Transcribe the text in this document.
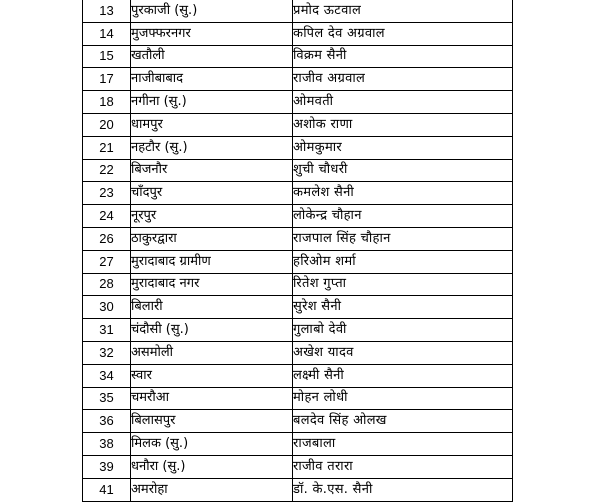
13	पुरकाजी (सु.)	प्रमोद ऊटवाल
14	मुजफ्फरनगर	कपिल देव अग्रवाल
15	खतौली	विक्रम सैनी
17	नाजीबाबाद	राजीव अग्रवाल
18	नगीना (सु.)	ओमवती
20	धामपुर	अशोक राणा
21	नहटौर (सु.)	ओमकुमार
22	बिजनौर	शुची चौधरी
23	चाँदपुर	कमलेश सैनी
24	नूरपुर	लोकेन्द्र चौहान
26	ठाकुरद्वारा	राजपाल सिंह चौहान
27	मुरादाबाद ग्रामीण	हरिओम शर्मा
28	मुरादाबाद नगर	रितेश गुप्ता
30	बिलारी	सुरेश सैनी
31	चंदौसी (सु.)	गुलाबो देवी
32	असमोली	अखेश यादव
34	स्वार	लक्ष्मी सैनी
35	चमरौआ	मोहन लोधी
36	बिलासपुर	बलदेव सिंह ओलख
38	मिलक (सु.)	राजबाला
39	धनौरा (सु.)	राजीव तरारा
41	अमरोहा	डॉ. के.एस. सैनी
